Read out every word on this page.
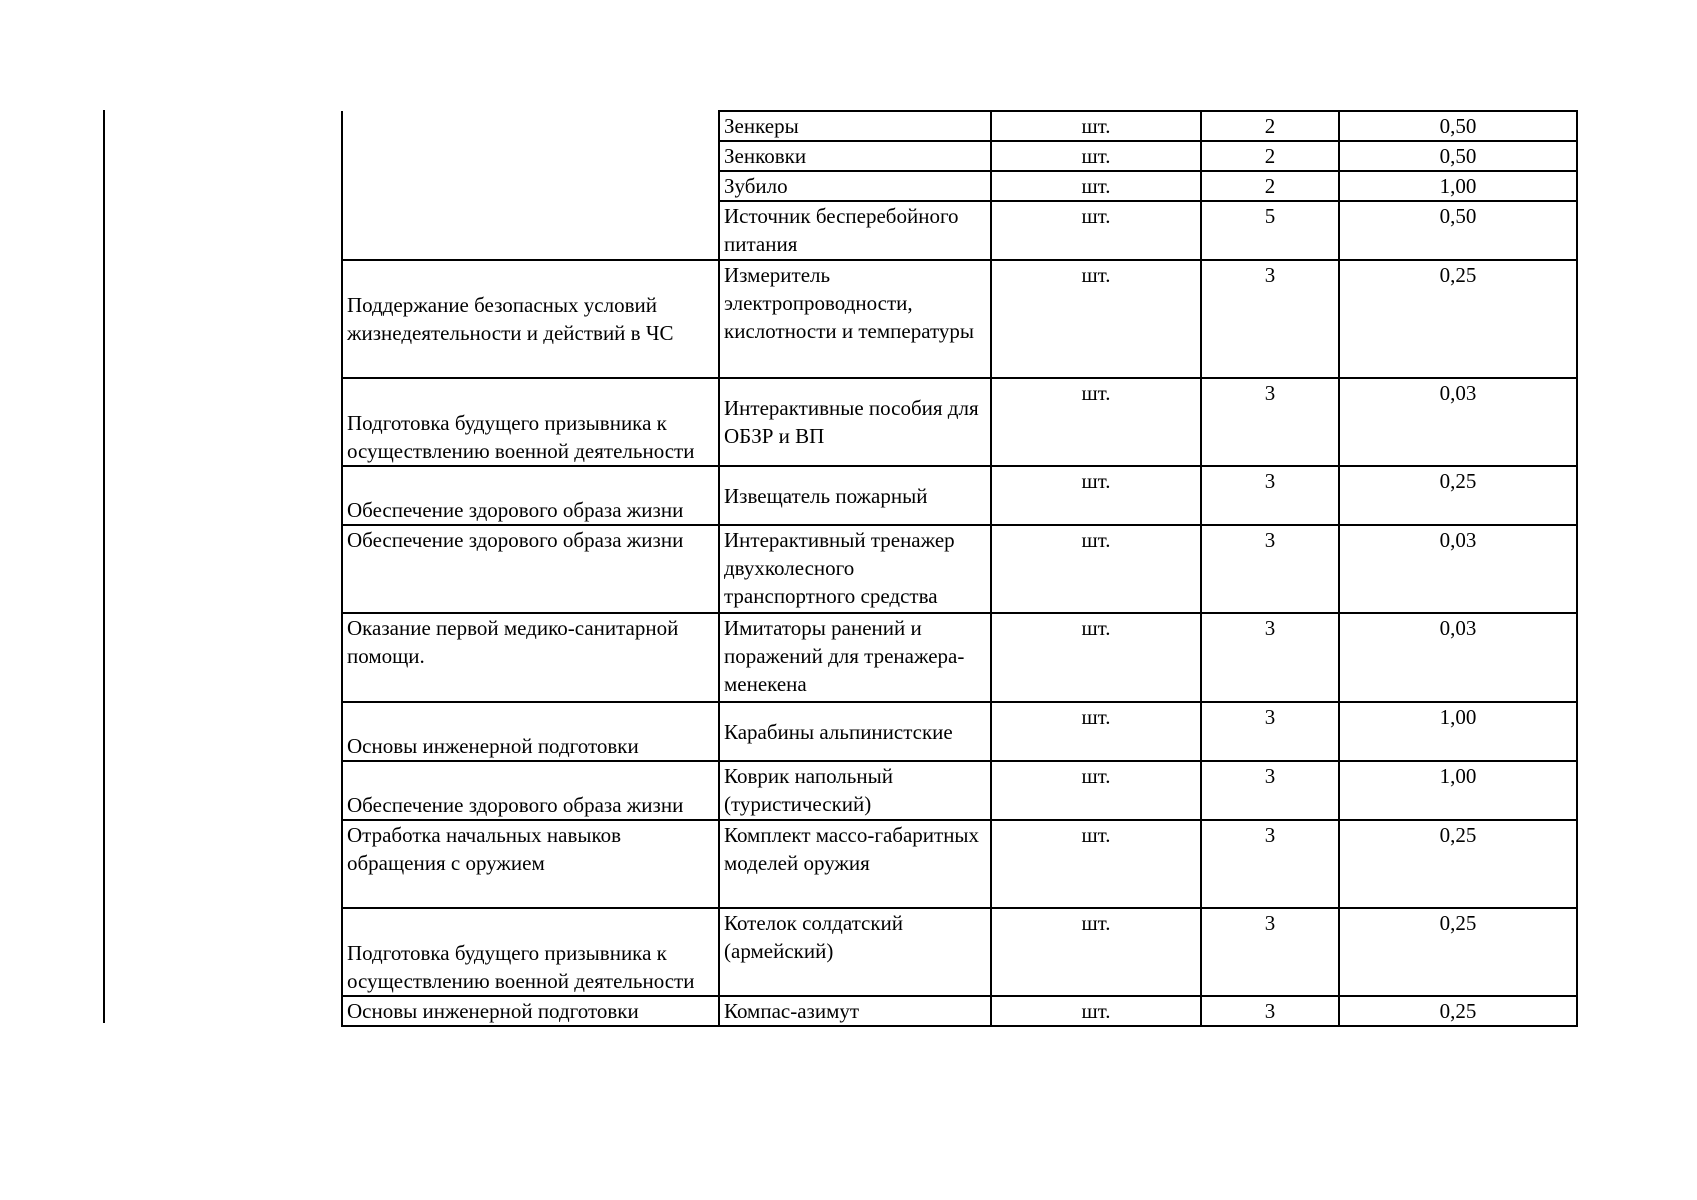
	Зенкеры	шт.	2	0,50
	Зенковки	шт.	2	0,50
	Зубило	шт.	2	1,00
	Источник бесперебойного питания	шт.	5	0,50
Поддержание безопасных условий жизнедеятельности и действий в ЧС	Измеритель электропроводности, кислотности и температуры	шт.	3	0,25
Подготовка будущего призывника к осуществлению военной деятельности	Интерактивные пособия для ОБЗР и ВП	шт.	3	0,03
Обеспечение здорового образа жизни	Извещатель пожарный	шт.	3	0,25
Обеспечение здорового образа жизни	Интерактивный тренажер двухколесного транспортного средства	шт.	3	0,03
Оказание первой медико-санитарной помощи.	Имитаторы ранений и поражений для тренажера-менекена	шт.	3	0,03
Основы инженерной подготовки	Карабины альпинистские	шт.	3	1,00
Обеспечение здорового образа жизни	Коврик напольный (туристический)	шт.	3	1,00
Отработка начальных навыков обращения с оружием	Комплект массо-габаритных моделей оружия	шт.	3	0,25
Подготовка будущего призывника к осуществлению военной деятельности	Котелок солдатский (армейский)	шт.	3	0,25
Основы инженерной подготовки	Компас-азимут	шт.	3	0,25
